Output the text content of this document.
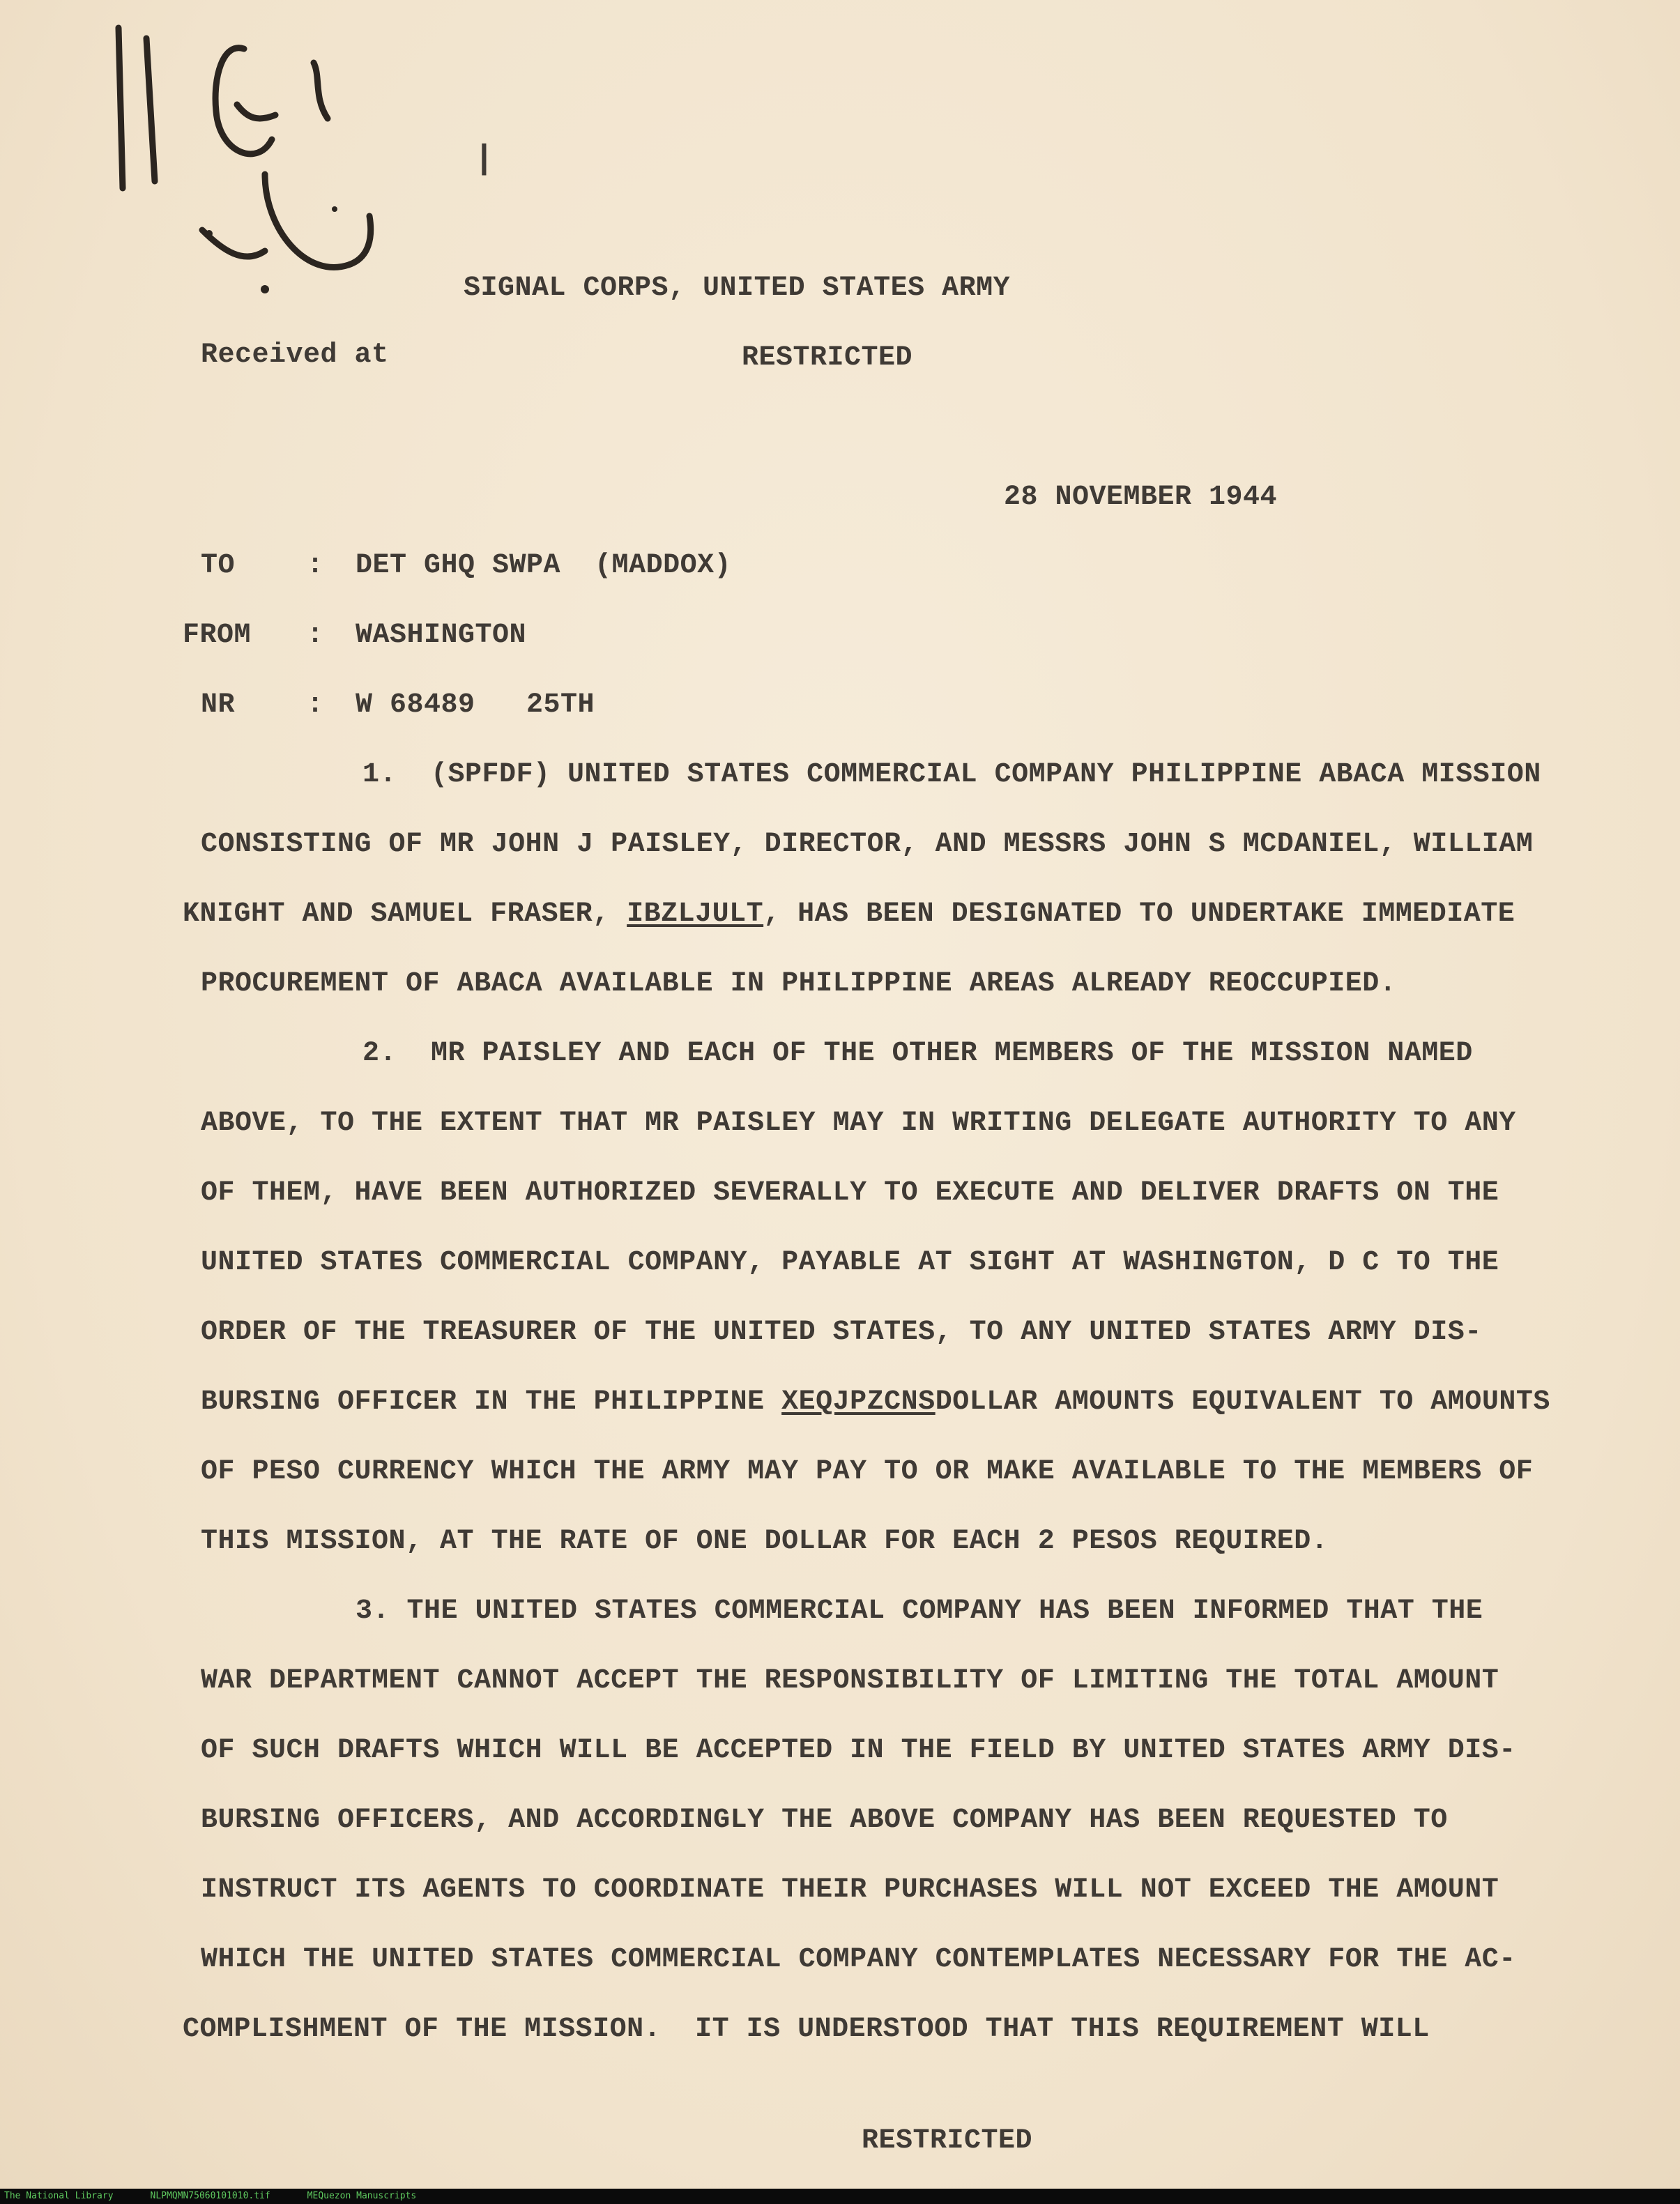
|
SIGNAL CORPS, UNITED STATES ARMY
Received at	RESTRICTED
28 NOVEMBER 1944
TO	: DET GHQ SWPA  (MADDOX)
FROM : WASHINGTON
NR	: W 68489   25TH
1.  (SPFDF) UNITED STATES COMMERCIAL COMPANY PHILIPPINE ABACA MISSION
CONSISTING OF MR JOHN J PAISLEY, DIRECTOR, AND MESSRS JOHN S MCDANIEL, WILLIAM
KNIGHT AND SAMUEL FRASER, IBZLJULT, HAS BEEN DESIGNATED TO UNDERTAKE IMMEDIATE
PROCUREMENT OF ABACA AVAILABLE IN PHILIPPINE AREAS ALREADY REOCCUPIED.
2.  MR PAISLEY AND EACH OF THE OTHER MEMBERS OF THE MISSION NAMED
ABOVE, TO THE EXTENT THAT MR PAISLEY MAY IN WRITING DELEGATE AUTHORITY TO ANY
OF THEM, HAVE BEEN AUTHORIZED SEVERALLY TO EXECUTE AND DELIVER DRAFTS ON THE
UNITED STATES COMMERCIAL COMPANY, PAYABLE AT SIGHT AT WASHINGTON, D C TO THE
ORDER OF THE TREASURER OF THE UNITED STATES, TO ANY UNITED STATES ARMY DIS-
BURSING OFFICER IN THE PHILIPPINE XEQJPZCNSDOLLAR AMOUNTS EQUIVALENT TO AMOUNTS
OF PESO CURRENCY WHICH THE ARMY MAY PAY TO OR MAKE AVAILABLE TO THE MEMBERS OF
THIS MISSION, AT THE RATE OF ONE DOLLAR FOR EACH 2 PESOS REQUIRED.
3. THE UNITED STATES COMMERCIAL COMPANY HAS BEEN INFORMED THAT THE
WAR DEPARTMENT CANNOT ACCEPT THE RESPONSIBILITY OF LIMITING THE TOTAL AMOUNT
OF SUCH DRAFTS WHICH WILL BE ACCEPTED IN THE FIELD BY UNITED STATES ARMY DIS-
BURSING OFFICERS, AND ACCORDINGLY THE ABOVE COMPANY HAS BEEN REQUESTED TO
INSTRUCT ITS AGENTS TO COORDINATE THEIR PURCHASES WILL NOT EXCEED THE AMOUNT
WHICH THE UNITED STATES COMMERCIAL COMPANY CONTEMPLATES NECESSARY FOR THE AC-
COMPLISHMENT OF THE MISSION.  IT IS UNDERSTOOD THAT THIS REQUIREMENT WILL
RESTRICTED
The National Library	NLPMQMN75060101010.tif	MEQuezon Manuscripts
